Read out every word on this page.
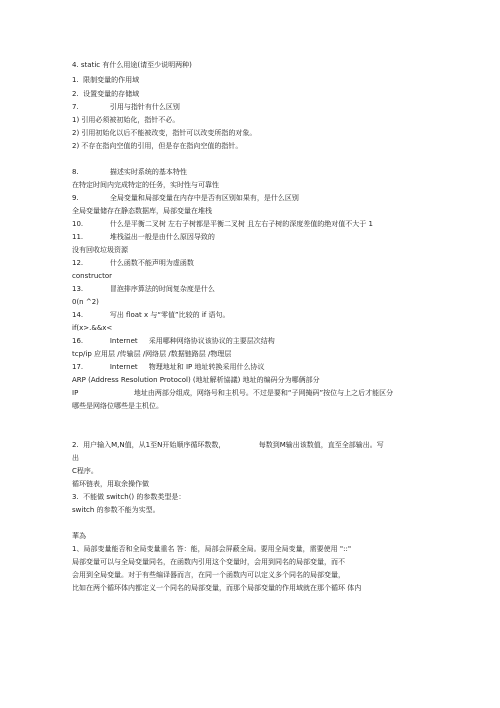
4. static 有什么用途(请至少说明两种)
1.  限制变量的作用域
2.  设置变量的存储域
7.              引用与指针有什么区别
1) 引用必须被初始化，指针不必。
2) 引用初始化以后不能被改变，指针可以改变所指的对象。
2) 不存在指向空值的引用，但是存在指向空值的指针。
8.              描述实时系统的基本特性
在特定时间内完成特定的任务，实时性与可靠性
9.              全局变量和局部变量在内存中是否有区别如果有，是什么区别
全局变量储存在静态数据库，局部变量在堆栈
10.            什么是平衡二叉树 左右子树都是平衡二叉树 且左右子树的深度差值的绝对值不大于 1
11.            堆栈溢出一般是由什么原因导致的
没有回收垃圾资源
12.            什么函数不能声明为虚函数
constructor
13.            冒泡排序算法的时间复杂度是什么
0(n ^2)
14.            写出 float x 与“零值”比较的 if 语句。
if(x>.&&x<
16.            Internet     采用哪种网络协议该协议的主要层次结构
tcp/ip 应用层 /传输层 /网络层 /数据链路层 /物理层
17.            Internet     物理地址和 IP 地址转换采用什么协议
ARP (Address Resolution Protocol) (地址解析協議) 地址的编码分为哪俩部分
IP                         地址由两部分组成，网络号和主机号。不过是要和“子网掩码”按位与上之后才能区分
哪些是网络位哪些是主机位。
2.  用户输入M,N值，从1至N开始顺序循环数数，               每数到M输出该数值，直至全部输出。写
出
C程序。
循环链表，用取余操作做
3.  不能做 switch() 的参数类型是：
switch 的参数不能为实型。
華為
1、局部变量能否和全局变量重名 答：能，局部会屏蔽全局。要用全局变量，需要使用 "::"
局部变量可以与全局变量同名，在函数内引用这个变量时，会用到同名的局部变量，而不
会用到全局变量。对于有些编译器而言，在同一个函数内可以定义多个同名的局部变量，
比如在两个循环体内都定义一个同名的局部变量，而那个局部变量的作用域就在那个循环 体内
